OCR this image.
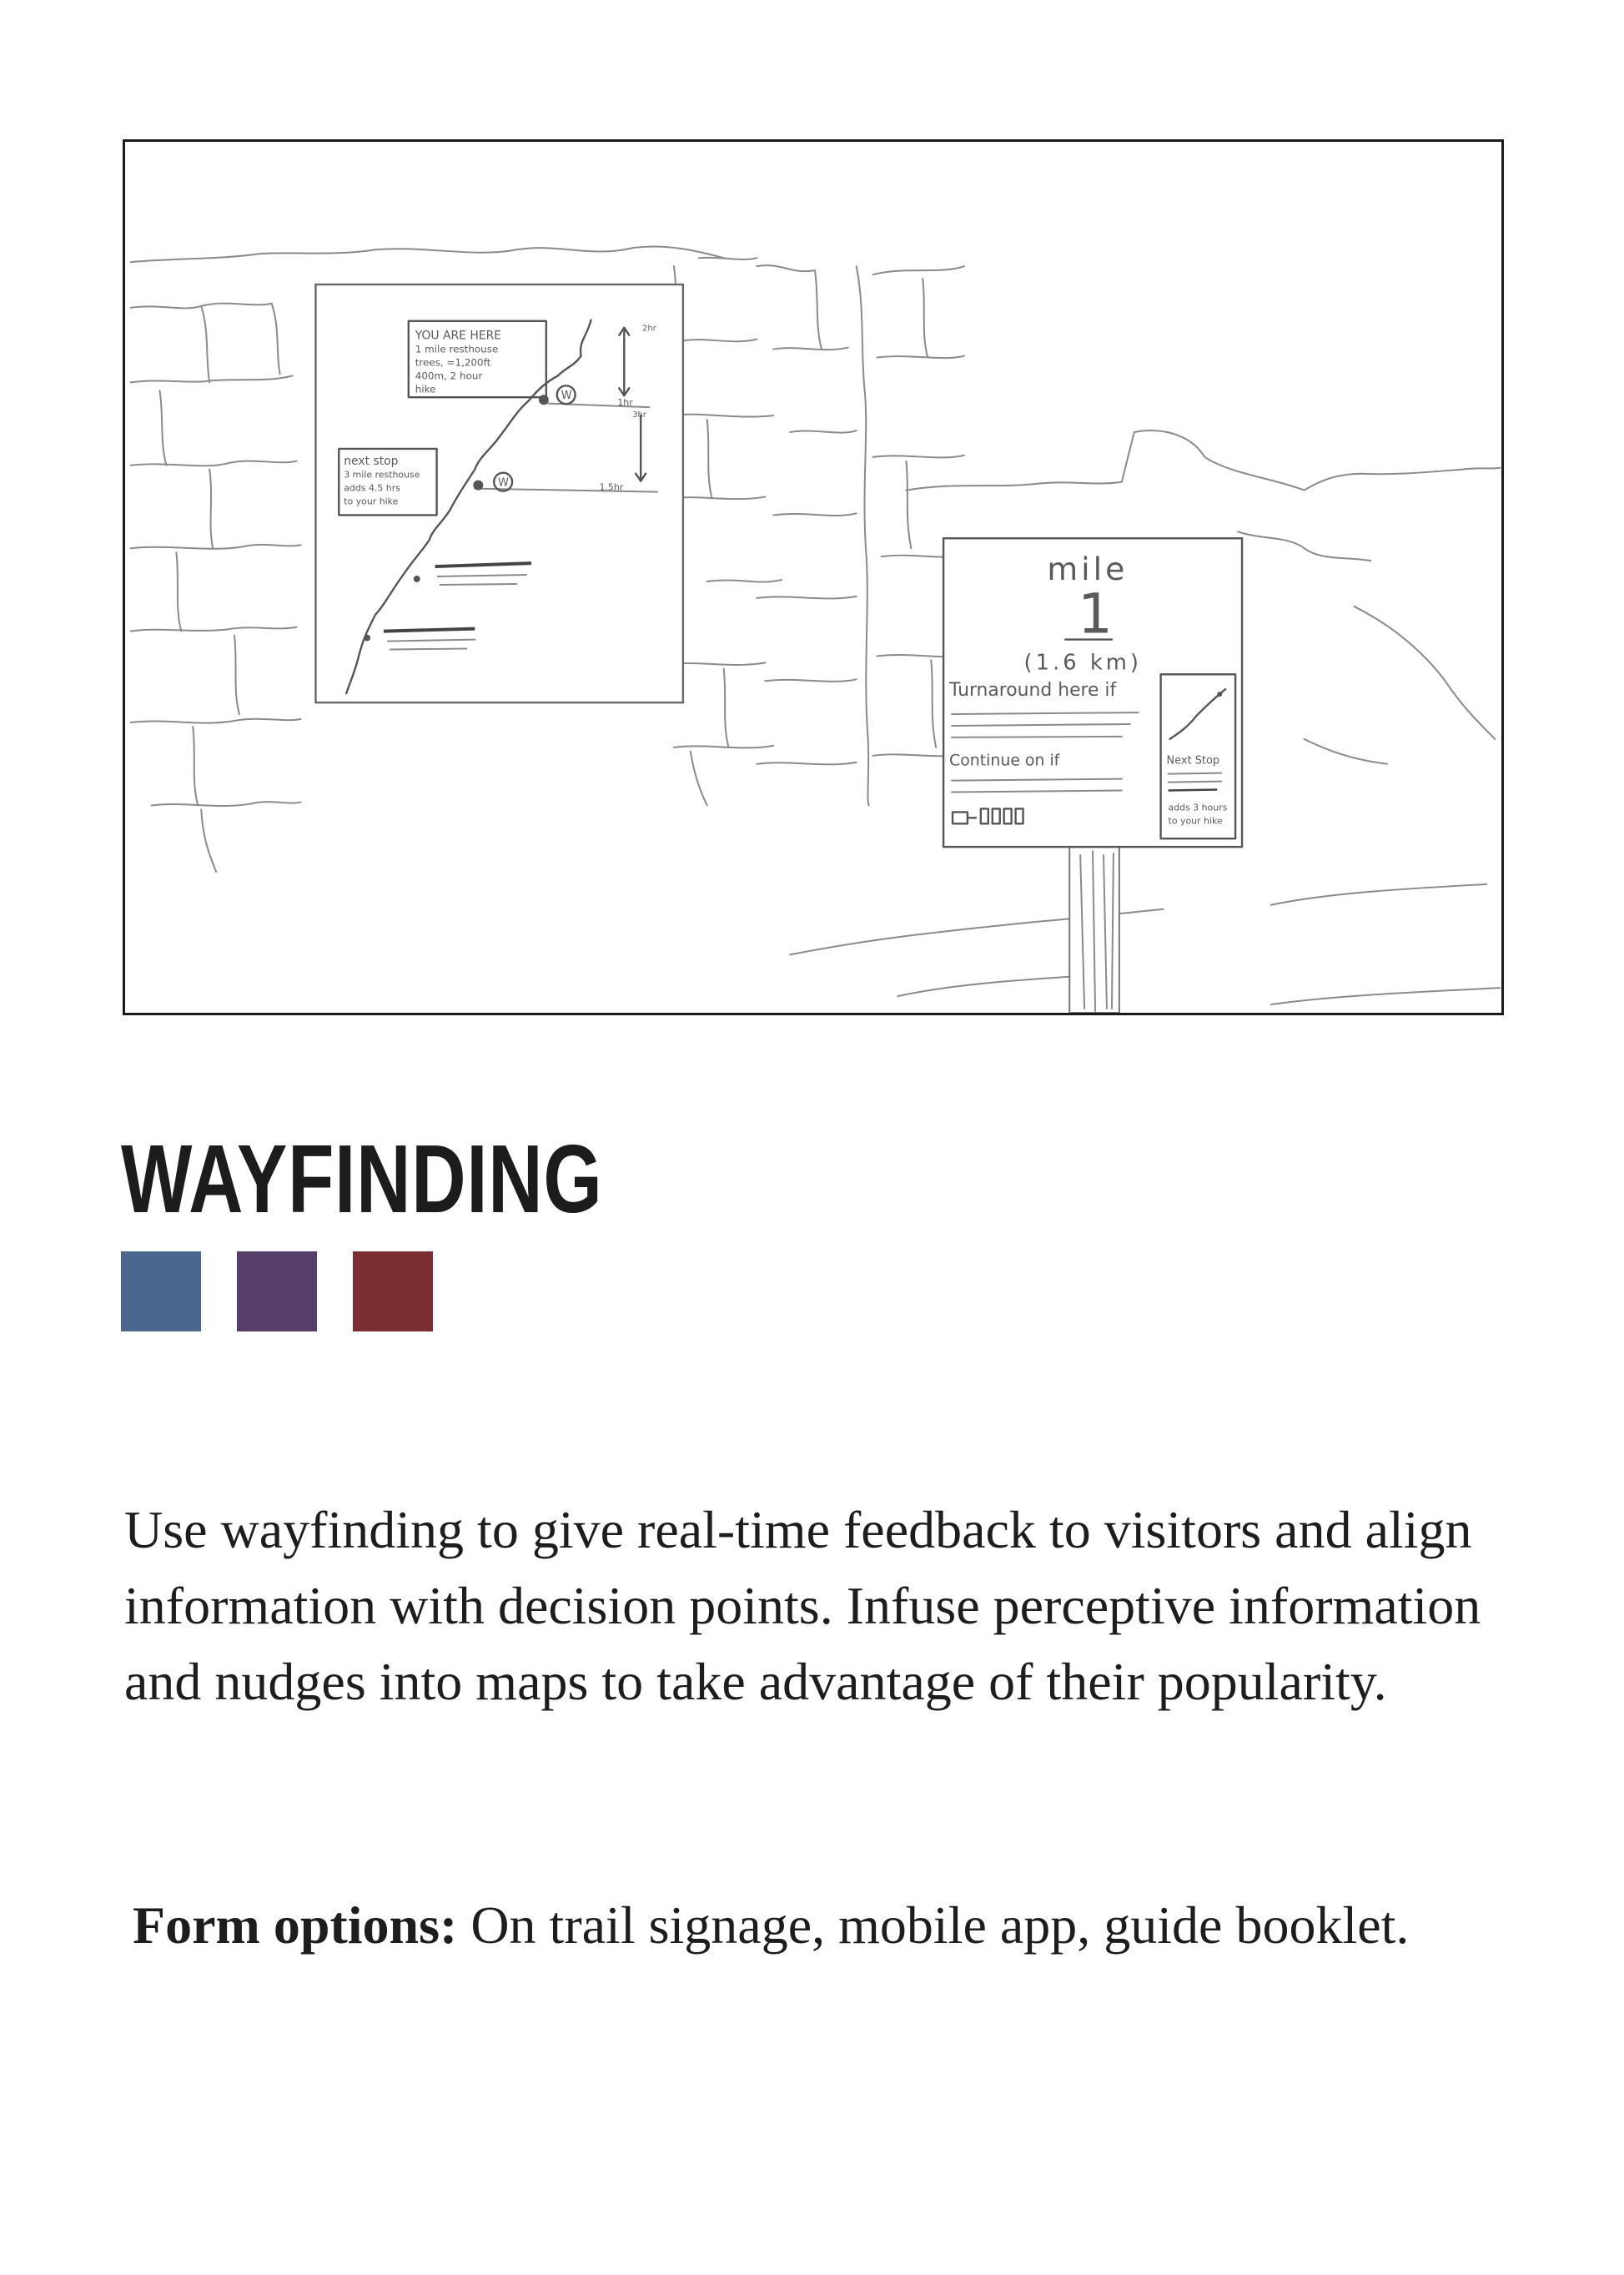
YOU ARE HERE
1 mile resthouse
trees, =1,200ft
400m, 2 hour
hike
next stop
3 mile resthouse
adds 4.5 hrs
to your hike
W
W
2hr
1hr
3hr
1.5hr
mile
1
(1.6 km)
Turnaround here if
Continue on if	Next Stop
adds 3 hours
to your hike
WAYFINDING

Use wayfinding to give real-time feedback to visitors and align information with decision points. Infuse perceptive information and nudges into maps to take advantage of their popularity.

Form options: On trail signage, mobile app, guide booklet.
